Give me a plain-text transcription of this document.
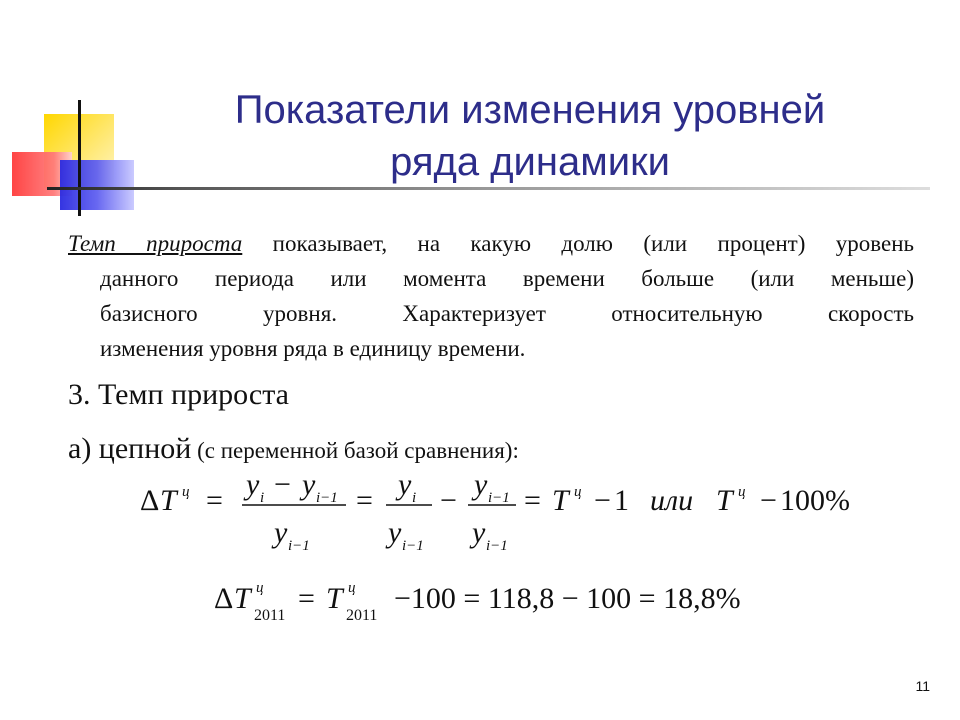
Показатели изменения уровней
ряда динамики
Темп прироста показывает, на какую долю (или процент) уровень
данного периода или момента времени больше (или меньше)
базисного уровня. Характеризует относительную скорость
изменения уровня ряда в единицу времени.
3. Темп прироста
а) цепной (с переменной базой сравнения):
Δ T ц = y i − y i−1
y i−1
= y i
y i−1
− y i−1
y i−1
= T ц − 1 или T ц − 100%
Δ T ц
2011
= T ц
2011
−100 = 118,8 − 100 = 18,8%
11
